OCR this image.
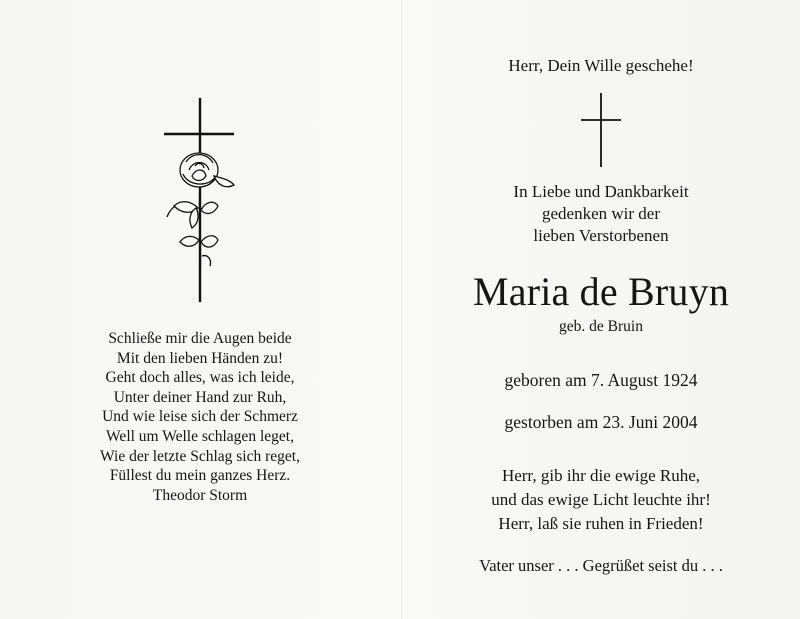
Schließe mir die Augen beide
Mit den lieben Händen zu!
Geht doch alles, was ich leide,
Unter deiner Hand zur Ruh,
Und wie leise sich der Schmerz
Well um Welle schlagen leget,
Wie der letzte Schlag sich reget,
Füllest du mein ganzes Herz.
Theodor Storm
Herr, Dein Wille geschehe!
In Liebe und Dankbarkeit
gedenken wir der
lieben Verstorbenen
Maria de Bruyn
geb. de Bruin
geboren am 7. August 1924
gestorben am 23. Juni 2004
Herr, gib ihr die ewige Ruhe,
und das ewige Licht leuchte ihr!
Herr, laß sie ruhen in Frieden!
Vater unser . . . Gegrüßet seist du . . .
